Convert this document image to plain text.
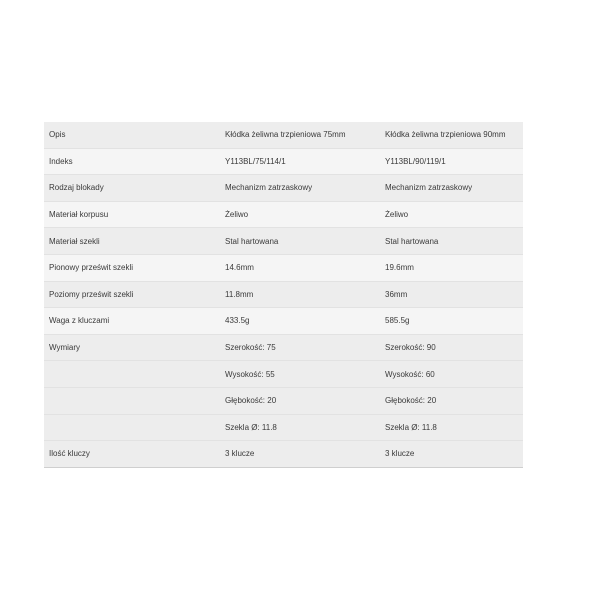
Opis	Kłódka żeliwna trzpieniowa 75mm	Kłódka żeliwna trzpieniowa 90mm
Indeks	Y113BL/75/114/1	Y113BL/90/119/1
Rodzaj blokady	Mechanizm zatrzaskowy	Mechanizm zatrzaskowy
Materiał korpusu	Żeliwo	Żeliwo
Materiał szekli	Stal hartowana	Stal hartowana
Pionowy prześwit szekli	14.6mm	19.6mm
Poziomy prześwit szekli	11.8mm	36mm
Waga z kluczami	433.5g	585.5g
Wymiary	Szerokość: 75	Szerokość: 90
	Wysokość: 55	Wysokość: 60
	Głębokość: 20	Głębokość: 20
	Szekla Ø: 11.8	Szekla Ø: 11.8
Ilość kluczy	3 klucze	3 klucze
